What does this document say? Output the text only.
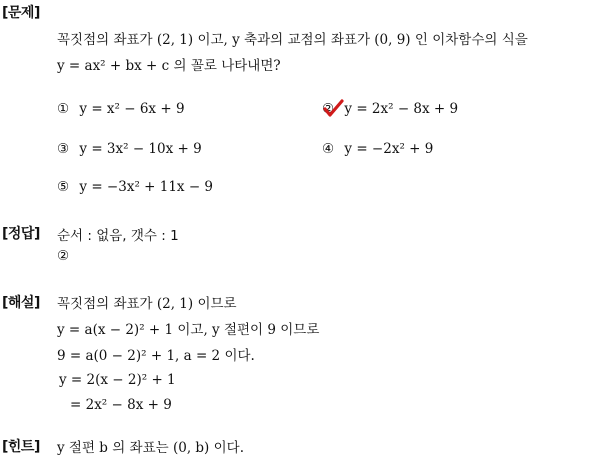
[문제]
꼭짓점의 좌표가 (2, 1) 이고, y 축과의 교점의 좌표가 (0, 9) 인 이차함수의 식을
y = ax² + bx + c 의 꼴로 나타내면?
① y = x² − 6x + 9	② y = 2x² − 8x + 9
③ y = 3x² − 10x + 9	④ y = −2x² + 9
⑤ y = −3x² + 11x − 9
[정답] 순서 : 없음, 갯수 : 1
②
[해설] 꼭짓점의 좌표가 (2, 1) 이므로
y = a(x − 2)² + 1 이고, y 절편이 9 이므로
9 = a(0 − 2)² + 1, a = 2 이다.
y = 2(x − 2)² + 1
= 2x² − 8x + 9
[힌트] y 절편 b 의 좌표는 (0, b) 이다.
